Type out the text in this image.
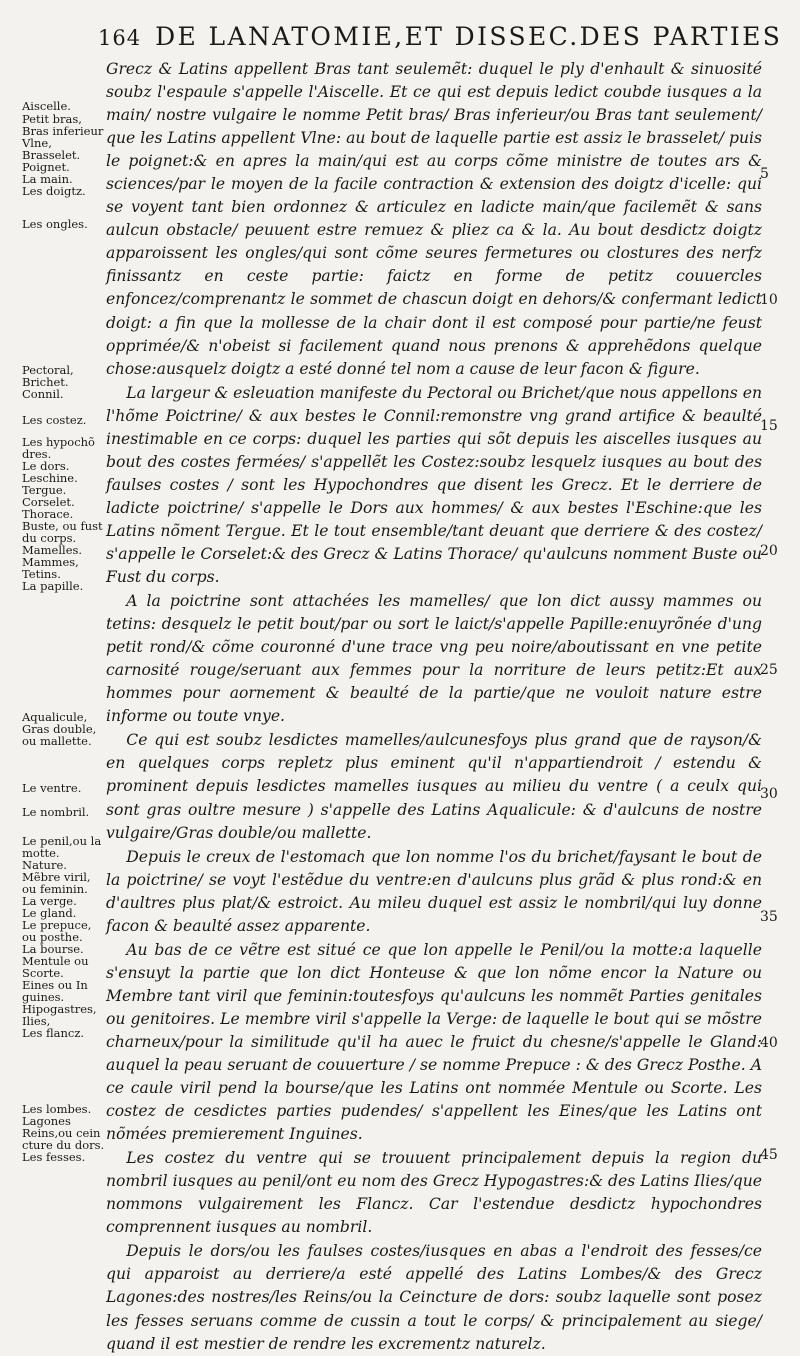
164 DE LANATOMIE,ET DISSEC.DES PARTIES
Aiscelle.
Petit bras,
Bras inferieur
Vlne,
Brasselet.
Poignet.
La main.
Les doigtz.
Les ongles.
Pectoral,
Brichet.
Connil.
Les costez.
Les hypochõ
dres.
Le dors.
Leschine.
Tergue.
Corselet.
Thorace.
Buste, ou fust
du corps.
Mamelles.
Mammes,
Tetins.
La papille.
Aqualicule,
Gras double,
ou mallette.
Le ventre.
Le nombril.
Le penil,ou la
motte.
Nature.
Mẽbre viril,
ou feminin.
La verge.
Le gland.
Le prepuce,
ou posthe.
La bourse.
Mentule ou
Scorte.
Eines ou In
guines.
Hipogastres,
Ilies,
Les flancz.
Les lombes.
Lagones
Reins,ou cein
cture du dors.
Les fesses.

Grecz & Latins appellent Bras tant seulemẽt: duquel le ply d'enhault & sinuosité soubz l'espaule s'appelle l'Aiscelle. Et ce qui est depuis ledict coubde iusques a la main/ nostre vulgaire le nomme Petit bras/ Bras inferieur/ou Bras tant seulement/ que les Latins appellent Vlne: au bout de laquelle partie est assiz le brasselet/ puis le poignet:& en apres la main/qui est au corps cõme ministre de toutes ars & sciences/par le moyen de la facile contraction & extension des doigtz d'icelle: qui se voyent tant bien ordonnez & articulez en ladicte main/que facilemẽt & sans aulcun obstacle/ peuuent estre remuez & pliez ca & la. Au bout desdictz doigtz apparoissent les ongles/qui sont cõme seures fermetures ou clostures des nerfz finissantz en ceste partie: faictz en forme de petitz couuercles enfoncez/comprenantz le sommet de chascun doigt en dehors/& confermant ledict doigt: a fin que la mollesse de la chair dont il est composé pour partie/ne feust opprimée/& n'obeist si facilement quand nous prenons & apprehẽdons quelque chose:ausquelz doigtz a esté donné tel nom a cause de leur facon & figure.

La largeur & esleuation manifeste du Pectoral ou Brichet/que nous appellons en l'hõme Poictrine/ & aux bestes le Connil:remonstre vng grand artifice & beaulté inestimable en ce corps: duquel les parties qui sõt depuis les aiscelles iusques au bout des costes fermées/ s'appellẽt les Costez:soubz lesquelz iusques au bout des faulses costes / sont les Hypochondres que disent les Grecz. Et le derriere de ladicte poictrine/ s'appelle le Dors aux hommes/ & aux bestes l'Eschine:que les Latins nõment Tergue. Et le tout ensemble/tant deuant que derriere & des costez/ s'appelle le Corselet:& des Grecz & Latins Thorace/ qu'aulcuns nomment Buste ou Fust du corps.

A la poictrine sont attachées les mamelles/ que lon dict aussy mammes ou tetins: desquelz le petit bout/par ou sort le laict/s'appelle Papille:enuyrõnée d'ung petit rond/& cõme couronné d'une trace vng peu noire/aboutissant en vne petite carnosité rouge/seruant aux femmes pour la norriture de leurs petitz:Et aux hommes pour aornement & beaulté de la partie/que ne vouloit nature estre informe ou toute vnye.

Ce qui est soubz lesdictes mamelles/aulcunesfoys plus grand que de rayson/& en quelques corps repletz plus eminent qu'il n'appartiendroit / estendu & prominent depuis lesdictes mamelles iusques au milieu du ventre ( a ceulx qui sont gras oultre mesure ) s'appelle des Latins Aqualicule: & d'aulcuns de nostre vulgaire/Gras double/ou mallette.

Depuis le creux de l'estomach que lon nomme l'os du brichet/faysant le bout de la poictrine/ se voyt l'estẽdue du ventre:en d'aulcuns plus grãd & plus rond:& en d'aultres plus plat/& estroict. Au mileu duquel est assiz le nombril/qui luy donne facon & beaulté assez apparente.

Au bas de ce vẽtre est situé ce que lon appelle le Penil/ou la motte:a laquelle s'ensuyt la partie que lon dict Honteuse & que lon nõme encor la Nature ou Membre tant viril que feminin:toutesfoys qu'aulcuns les nommẽt Parties genitales ou genitoires. Le membre viril s'appelle la Verge: de laquelle le bout qui se mõstre charneux/pour la similitude qu'il ha auec le fruict du chesne/s'appelle le Gland: auquel la peau seruant de couuerture / se nomme Prepuce : & des Grecz Posthe. A ce caule viril pend la bourse/que les Latins ont nommée Mentule ou Scorte. Les costez de cesdictes parties pudendes/ s'appellent les Eines/que les Latins ont nõmées premierement Inguines.

Les costez du ventre qui se trouuent principalement depuis la region du nombril iusques au penil/ont eu nom des Grecz Hypogastres:& des Latins Ilies/que nommons vulgairement les Flancz. Car l'estendue desdictz hypochondres comprennent iusques au nombril.

Depuis le dors/ou les faulses costes/iusques en abas a l'endroit des fesses/ce qui apparoist au derriere/a esté appellé des Latins Lombes/& des Grecz Lagones:des nostres/les Reins/ou la Ceincture de dors: soubz laquelle sont posez les fesses seruans comme de cussin a tout le corps/ & principalement au siege/ quand il est mestier de rendre les excrementz naturelz.

5
10
15
20
25
30
35
40
45
